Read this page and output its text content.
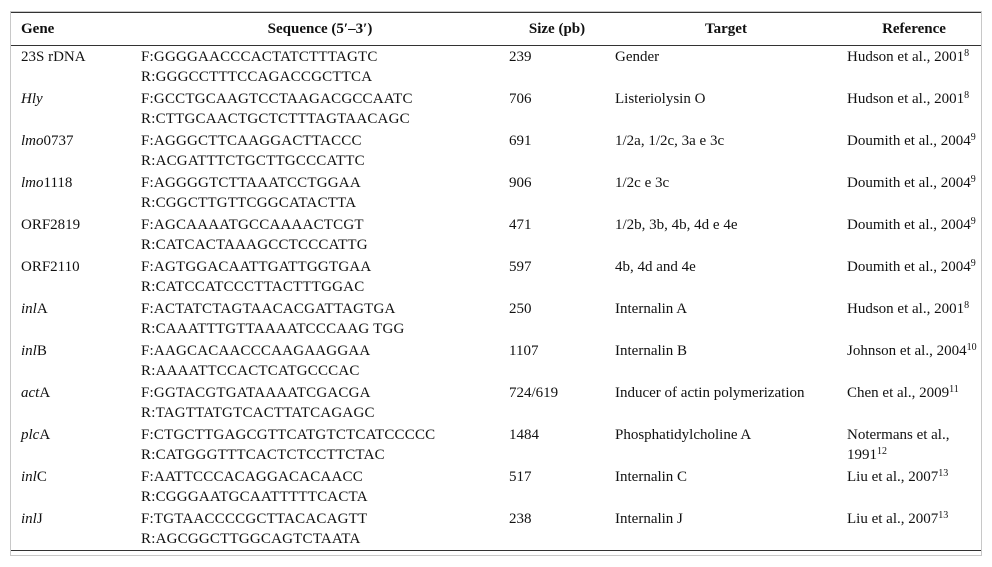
Gene	Sequence (5′–3′)	Size (pb)	Target	Reference
23S rDNA	F:GGGGAACCCACTATCTTTAGTC
R:GGGCCTTTCCAGACCGCTTCA	239	Gender	Hudson et al., 2001$^8$
Hly	F:GCCTGCAAGTCCTAAGACGCCAATC
R:CTTGCAACTGCTCTTTAGTAACAGC	706	Listeriolysin O	Hudson et al., 2001$^8$
lmo0737	F:AGGGCTTCAAGGACTTACCC
R:ACGATTTCTGCTTGCCCATTC	691	1/2a, 1/2c, 3a e 3c	Doumith et al., 2004$^9$
lmo1118	F:AGGGGTCTTAAATCCTGGAA
R:CGGCTTGTTCGGCATACTTA	906	1/2c e 3c	Doumith et al., 2004$^9$
ORF2819	F:AGCAAAATGCCAAAACTCGT
R:CATCACTAAAGCCTCCCATTG	471	1/2b, 3b, 4b, 4d e 4e	Doumith et al., 2004$^9$
ORF2110	F:AGTGGACAATTGATTGGTGAA
R:CATCCATCCCTTACTTTGGAC	597	4b, 4d and 4e	Doumith et al., 2004$^9$
inlA	F:ACTATCTAGTAACACGATTAGTGA
R:CAAATTTGTTAAAATCCCAAG TGG	250	Internalin A	Hudson et al., 2001$^8$
inlB	F:AAGCACAACCCAAGAAGGAA
R:AAAATTCCACTCATGCCCAC	1107	Internalin B	Johnson et al., 2004$^{10}$
actA	F:GGTACGTGATAAAATCGACGA
R:TAGTTATGTCACTTATCAGAGC	724/619	Inducer of actin polymerization	Chen et al., 2009$^{11}$
plcA	F:CTGCTTGAGCGTTCATGTCTCATCCCCC
R:CATGGGTTTCACTCTCCTTCTAC	1484	Phosphatidylcholine A	Notermans et al., 1991$^{12}$
inlC	F:AATTCCCACAGGACACAACC
R:CGGGAATGCAATTTTTCACTA	517	Internalin C	Liu et al., 2007$^{13}$
inlJ	F:TGTAACCCCGCTTACACAGTT
R:AGCGGCTTGGCAGTCTAATA	238	Internalin J	Liu et al., 2007$^{13}$
